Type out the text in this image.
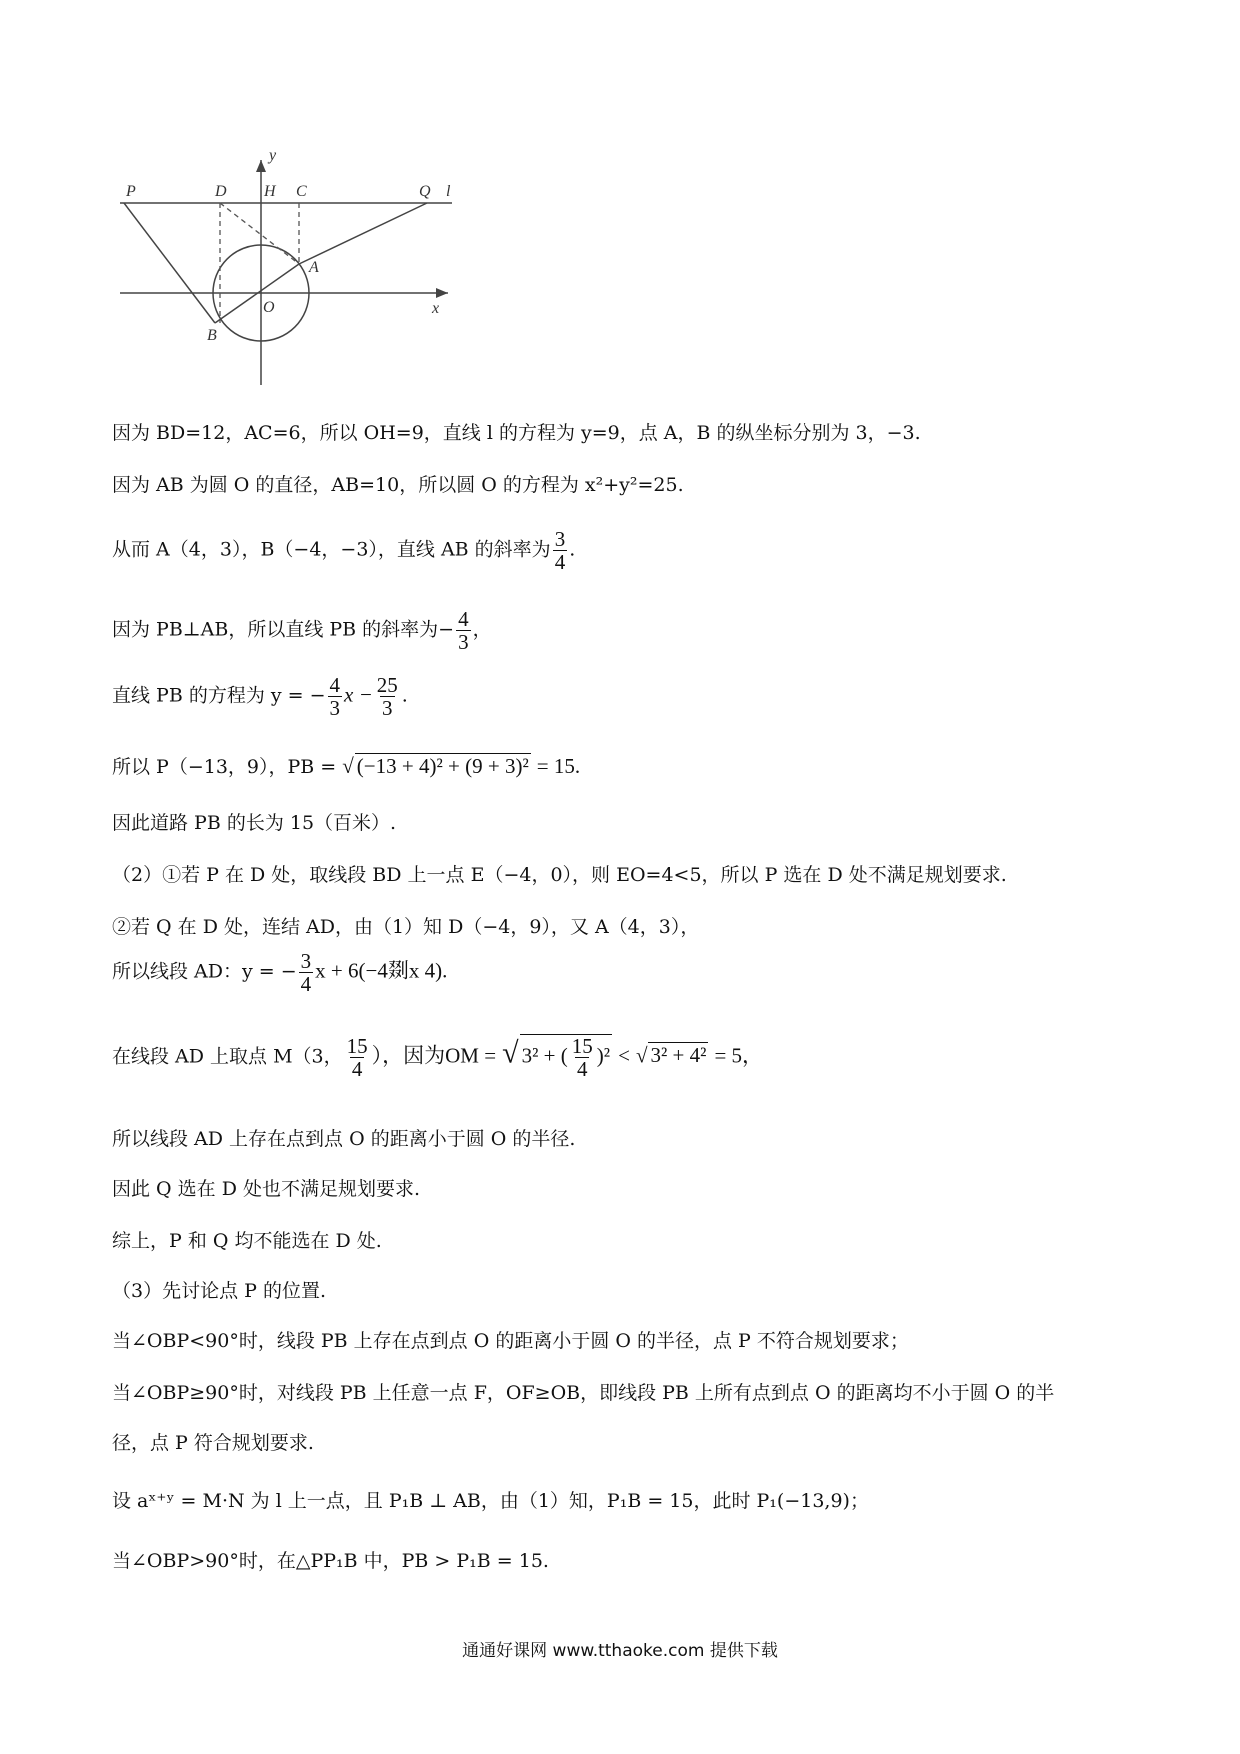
P	D H C	Q l
y
x
A
O
B
因为 BD=12，AC=6，所以 OH=9，直线 l 的方程为 y=9，点 A，B 的纵坐标分别为 3，−3.
因为 AB 为圆 O 的直径，AB=10，所以圆 O 的方程为 x²+y²=25.
从而 A（4，3），B（−4，−3），直线 AB 的斜率为 $\frac{3}{4}$ .
因为 PB⊥AB，所以直线 PB 的斜率为− $\frac{4}{3}$ ，
直线 PB 的方程为 y = − $\frac{4}{3}$ $x - \frac{25}{3}$ .
所以 P（−13，9），PB = √ (−13 + 4)² + (9 + 3)² = 15.
因此道路 PB 的长为 15（百米）.
（2）①若 P 在 D 处，取线段 BD 上一点 E（−4，0），则 EO=4<5，所以 P 选在 D 处不满足规划要求.
②若 Q 在 D 处，连结 AD，由（1）知 D（−4，9），又 A（4，3），
所以线段 AD：y = − $\frac{3}{4}$ x + 6(−4剟x 4).
在线段 AD 上取点 M（3， $\frac{15}{4}$ ），因为OM = √ 3² + ( $\frac{15}{4} )^2$ < √ 3² + 4² = 5，
所以线段 AD 上存在点到点 O 的距离小于圆 O 的半径.
因此 Q 选在 D 处也不满足规划要求.
综上，P 和 Q 均不能选在 D 处.
（3）先讨论点 P 的位置.
当∠OBP<90°时，线段 PB 上存在点到点 O 的距离小于圆 O 的半径，点 P 不符合规划要求；
当∠OBP≥90°时，对线段 PB 上任意一点 F，OF≥OB，即线段 PB 上所有点到点 O 的距离均不小于圆 O 的半
径，点 P 符合规划要求.
设 aˣ⁺ʸ = M·N 为 l 上一点，且 P₁B ⊥ AB，由（1）知，P₁B = 15，此时 P₁(−13,9)；
当∠OBP>90°时，在△PP₁B 中，PB > P₁B = 15.
通通好课网 www.tthaoke.com 提供下载
